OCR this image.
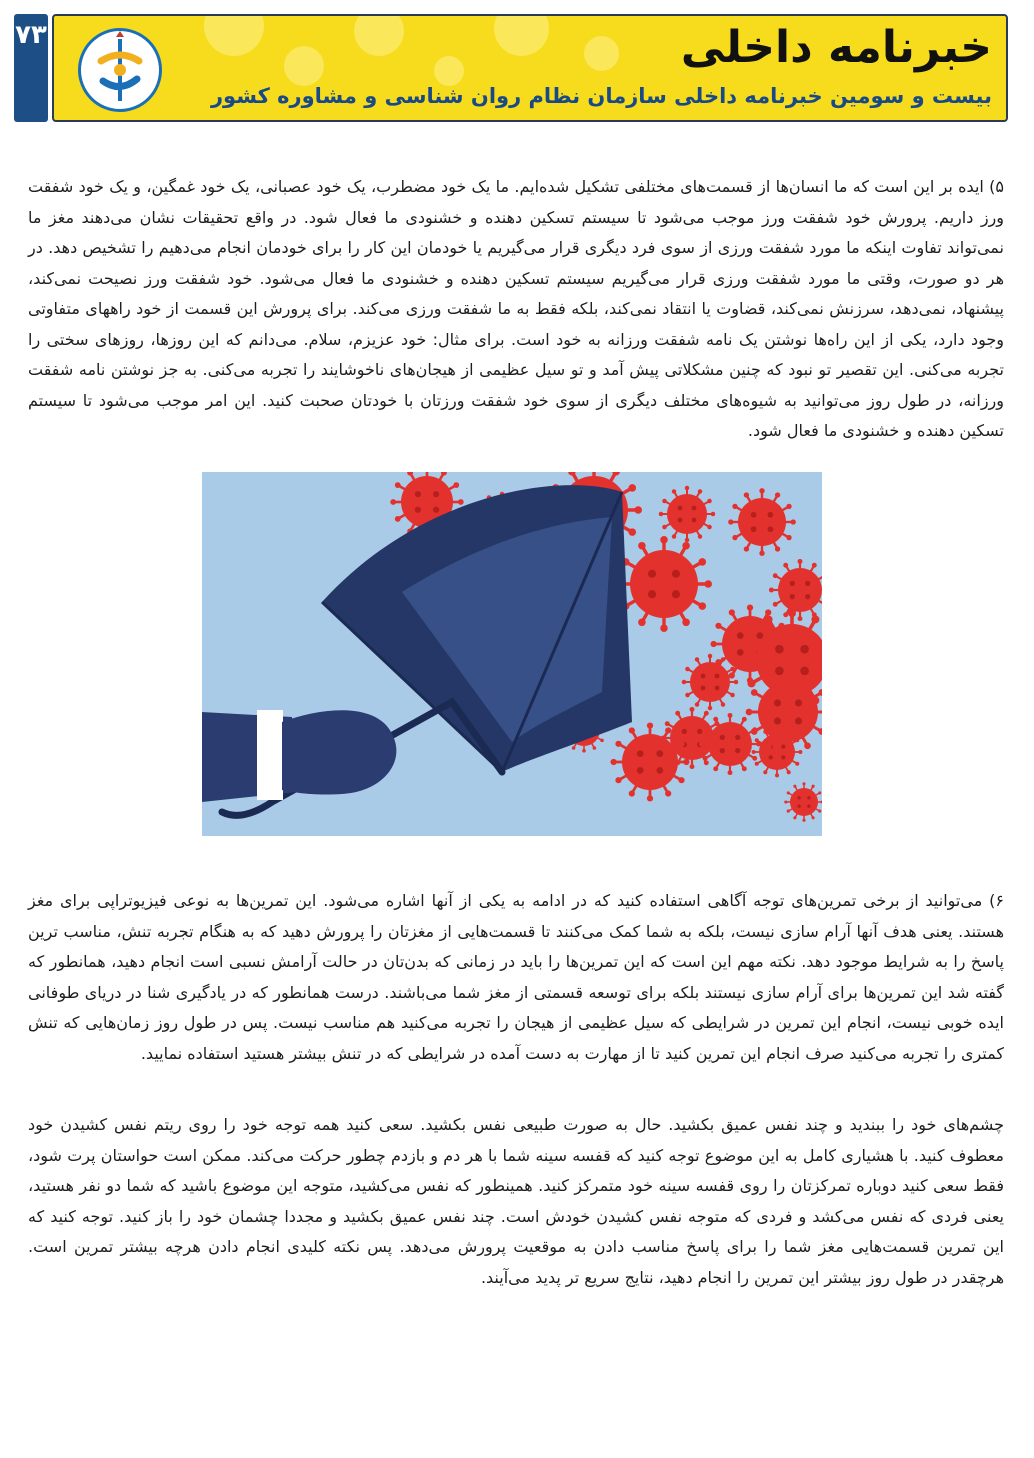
۷۳	خبرنامه داخلی

بیست و سومین خبرنامه داخلی سازمان نظام روان شناسی و مشاوره کشور

۵) ایده بر این است که ما انسان‌ها از قسمت‌های مختلفی تشکیل شده‌ایم. ما یک خود مضطرب، یک خود عصبانی، یک خود غمگین، و یک خود شفقت ورز داریم. پرورش خود شفقت ورز موجب می‌شود تا سیستم تسکین دهنده و خشنودی ما فعال شود. در واقع تحقیقات نشان می‌دهند مغز ما نمی‌تواند تفاوت اینکه ما مورد شفقت ورزی از سوی فرد دیگری قرار می‌گیریم یا خودمان این کار را برای خودمان انجام می‌دهیم را تشخیص دهد. در هر دو صورت، وقتی ما مورد شفقت ورزی قرار می‌گیریم سیستم تسکین دهنده و خشنودی ما فعال می‌شود. خود شفقت ورز نصیحت نمی‌کند، پیشنهاد، نمی‌دهد، سرزنش نمی‌کند، قضاوت یا انتقاد نمی‌کند، بلکه فقط به ما شفقت ورزی می‌کند. برای پرورش این قسمت از خود راههای متفاوتی وجود دارد، یکی از این راه‌ها نوشتن یک نامه شفقت ورزانه به خود است. برای مثال: خود عزیزم، سلام. می‌دانم که این روزها، روزهای سختی را تجربه می‌کنی. این تقصیر تو نبود که چنین مشکلاتی پیش آمد و تو سیل عظیمی از هیجان‌های ناخوشایند را تجربه می‌کنی. به جز نوشتن نامه شفقت ورزانه، در طول روز می‌توانید به شیوه‌های مختلف دیگری از سوی خود شفقت ورزتان با خودتان صحبت کنید. این امر موجب می‌شود تا سیستم تسکین دهنده و خشنودی ما فعال شود.

۶) می‌توانید از برخی تمرین‌های توجه آگاهی استفاده کنید که در ادامه به یکی از آنها اشاره می‌شود. این تمرین‌ها به نوعی فیزیوتراپی برای مغز هستند. یعنی هدف آنها آرام سازی نیست، بلکه به شما کمک می‌کنند تا قسمت‌هایی از مغزتان را پرورش دهید که به هنگام تجربه تنش، مناسب ترین پاسخ را به شرایط موجود دهد. نکته مهم این است که این تمرین‌ها را باید در زمانی که بدن‌تان در حالت آرامش نسبی است انجام دهید، همانطور که گفته شد این تمرین‌ها برای آرام سازی نیستند بلکه برای توسعه قسمتی از مغز شما می‌باشند. درست همانطور که در یادگیری شنا در دریای طوفانی ایده خوبی نیست، انجام این تمرین در شرایطی که سیل عظیمی از هیجان را تجربه می‌کنید هم مناسب نیست. پس در طول روز زمان‌هایی که تنش کمتری را تجربه می‌کنید صرف انجام این تمرین کنید تا از مهارت به دست آمده در شرایطی که در تنش بیشتر هستید استفاده نمایید.

چشم‌های خود را ببندید و چند نفس عمیق بکشید. حال به صورت طبیعی نفس بکشید. سعی کنید همه توجه خود را روی ریتم نفس کشیدن خود معطوف کنید. با هشیاری کامل به این موضوع توجه کنید که قفسه سینه شما با هر دم و بازدم چطور حرکت می‌کند. ممکن است حواستان پرت شود، فقط سعی کنید دوباره تمرکزتان را روی قفسه سینه خود متمرکز کنید. همینطور که نفس می‌کشید، متوجه این موضوع باشید که شما دو نفر هستید، یعنی فردی که نفس می‌کشد و فردی که متوجه نفس کشیدن خودش است. چند نفس عمیق بکشید و مجددا چشمان خود را باز کنید. توجه کنید که این تمرین قسمت‌هایی مغز شما را برای پاسخ مناسب دادن به موقعیت پرورش می‌دهد. پس نکته کلیدی انجام دادن هرچه بیشتر تمرین است. هرچقدر در طول روز بیشتر این تمرین را انجام دهید، نتایج سریع تر پدید می‌آیند.
